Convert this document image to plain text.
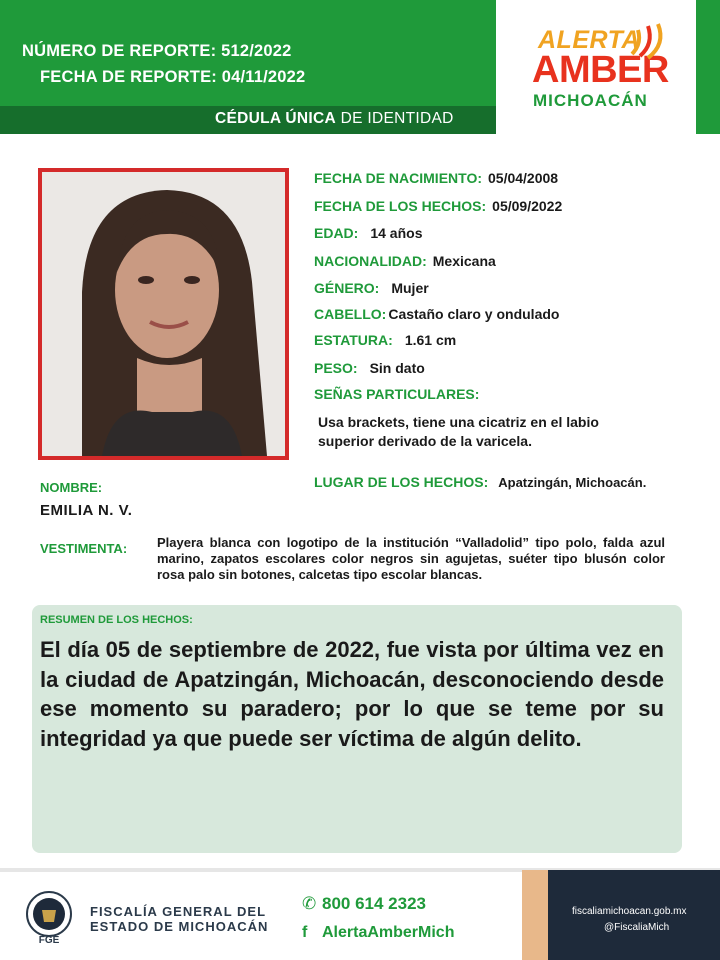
NÚMERO DE REPORTE: 512/2022
FECHA DE REPORTE: 04/11/2022
CÉDULA ÚNICA DE IDENTIDAD
ALERTA
AMBER
MICHOACÁN
FECHA DE NACIMIENTO: 05/04/2008
FECHA DE LOS HECHOS: 05/09/2022
EDAD: 14 años
NACIONALIDAD: Mexicana
GÉNERO: Mujer
CABELLO: Castaño claro y ondulado
ESTATURA: 1.61 cm
PESO: Sin dato
SEÑAS PARTICULARES:
Usa brackets, tiene una cicatriz en el labio superior derivado de la varicela.
LUGAR DE LOS HECHOS: Apatzingán, Michoacán.
NOMBRE:
EMILIA N. V.
VESTIMENTA: Playera blanca con logotipo de la institución “Valladolid” tipo polo, falda azul marino, zapatos escolares color negros sin agujetas, suéter tipo blusón color rosa palo sin botones, calcetas tipo escolar blancas.
RESUMEN DE LOS HECHOS:
El día 05 de septiembre de 2022, fue vista por última vez en la ciudad de Apatzingán, Michoacán, desconociendo desde ese momento su paradero; por lo que se teme por su integridad ya que puede ser víctima de algún delito.
FGE
FISCALÍA GENERAL DEL
ESTADO DE MICHOACÁN
✆ 800 614 2323
f AlertaAmberMich
fiscaliamichoacan.gob.mx
@FiscaliaMich
